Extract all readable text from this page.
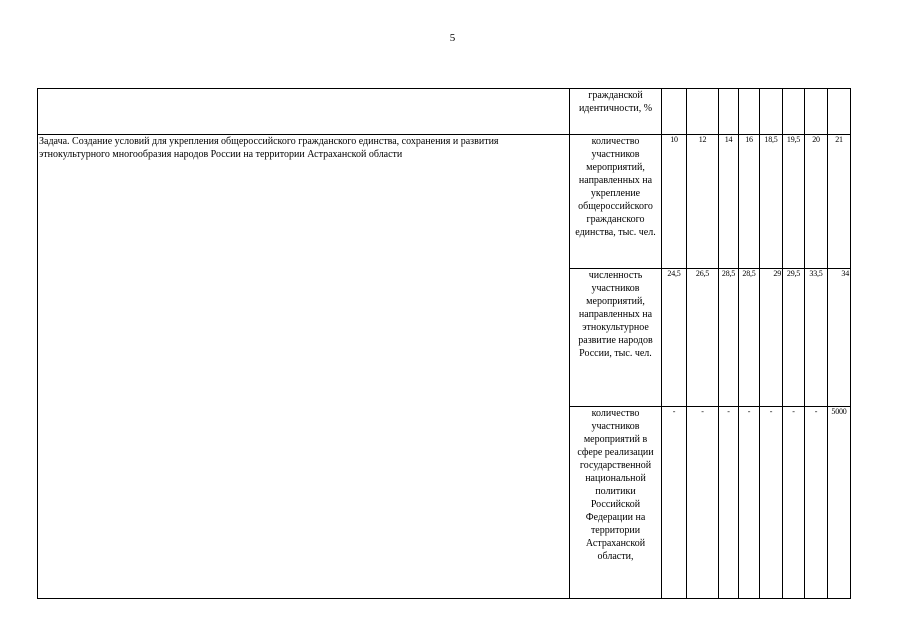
5
	гражданской идентичности, %								
Задача. Создание условий для укрепления общероссийского гражданского единства, сохранения и развития этнокультурного многообразия народов России на территории Астраханской области	количество участников мероприятий, направленных на укрепление общероссийского гражданского единства, тыс. чел.	10	12	14	16	18,5	19,5	20	21
	численность участников мероприятий, направленных на этнокультурное развитие народов России, тыс. чел.	24,5	26,5	28,5	28,5	29	29,5	33,5	34
	количество участников мероприятий в сфере реализации государственной национальной политики Российской Федерации на территории Астраханской области,	-	-	-	-	-	-	-	5000
